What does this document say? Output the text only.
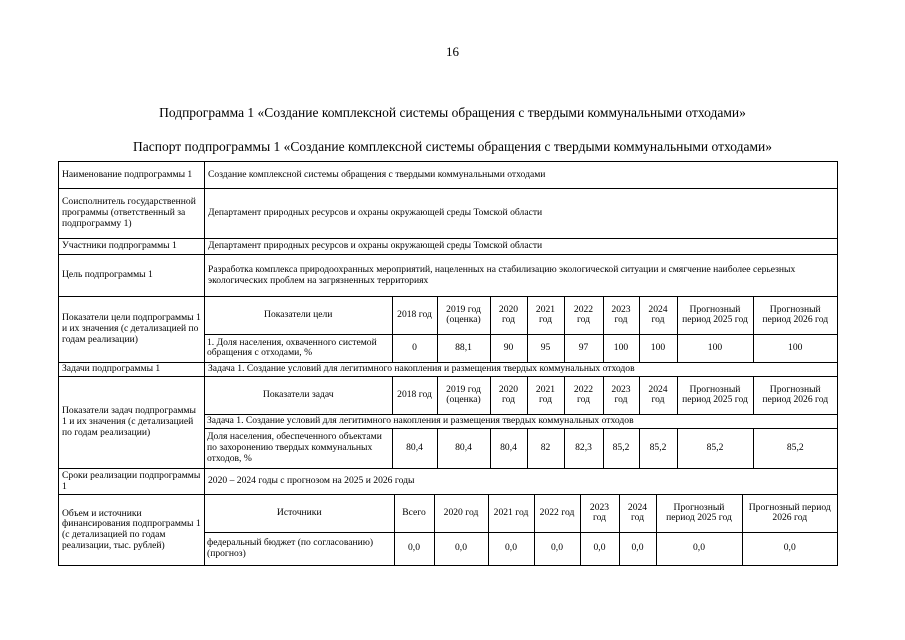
16
Подпрограмма 1 «Создание комплексной системы обращения с твердыми коммунальными отходами»
Паспорт подпрограммы 1 «Создание комплексной системы обращения с твердыми коммунальными отходами»
Наименование подпрограммы 1	Создание комплексной системы обращения с твердыми коммунальными отходами
Соисполнитель государственной программы (ответственный за подпрограмму 1)	Департамент природных ресурсов и охраны окружающей среды Томской области
Участники подпрограммы 1	Департамент природных ресурсов и охраны окружающей среды Томской области
Цель подпрограммы 1	Разработка комплекса природоохранных мероприятий, нацеленных на стабилизацию экологической ситуации и смягчение наиболее серьезных экологических проблем на загрязненных территориях
Показатели цели подпрограммы 1 и их значения (с детализацией по годам реализации)	
Показатели цели	2018 год	2019 год (оценка)	2020 год	2021 год	2022 год	2023 год	2024 год	Прогнозный период 2025 год	Прогнозный период 2026 год
1. Доля населения, охваченного системой обращения с отходами, %	0	88,1	90	95	97	100	100	100	100

Задачи подпрограммы 1	Задача 1. Создание условий для легитимного накопления и размещения твердых коммунальных отходов
Показатели задач подпрограммы 1 и их значения (с детализацией по годам реализации)	
Показатели задач	2018 год	2019 год (оценка)	2020 год	2021 год	2022 год	2023 год	2024 год	Прогнозный период 2025 год	Прогнозный период 2026 год
Задача 1. Создание условий для легитимного накопления и размещения твердых коммунальных отходов
Доля населения, обеспеченного объектами по захоронению твердых коммунальных отходов, %	80,4	80,4	80,4	82	82,3	85,2	85,2	85,2	85,2

Сроки реализации подпрограммы 1	2020 – 2024 годы с прогнозом на 2025 и 2026 годы
Объем и источники финансирования подпрограммы 1 (с детализацией по годам реализации, тыс. рублей)	
Источники	Всего	2020 год	2021 год	2022 год	2023 год	2024 год	Прогнозный период 2025 год	Прогнозный период 2026 год
федеральный бюджет (по согласованию) (прогноз)	0,0	0,0	0,0	0,0	0,0	0,0	0,0	0,0
